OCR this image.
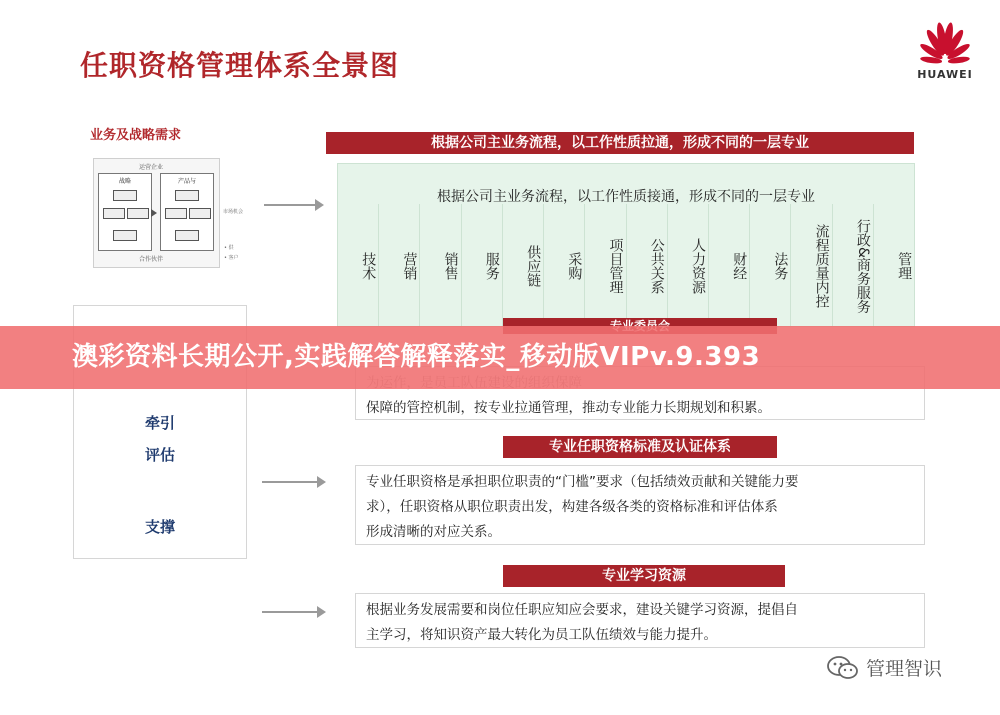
任职资格管理体系全景图	HUAWEI
业务及战略需求
运营企业
战略	产品与
合作伙伴
市场机会
• 供
• 客户
牵引
评估
支撑
根据公司主业务流程，以工作性质拉通，形成不同的一层专业
根据公司主业务流程，以工作性质接通，形成不同的一层专业
技术	营销	销售	服务	供应链	采购	项目管理	公共关系	人力资源	财经	法务	流程质量内控	行政&商务服务	管理
保障的管控机制，按专业拉通管理，推动专业能力长期规划和积累。
专业任职资格标准及认证体系
专业任职资格是承担职位职责的“门槛”要求（包括绩效贡献和关键能力要
求），任职资格从职位职责出发，构建各级各类的资格标准和评估体系
形成清晰的对应关系。
专业学习资源
根据业务发展需要和岗位任职应知应会要求，建设关键学习资源，提倡自
主学习，将知识资产最大转化为员工队伍绩效与能力提升。
澳彩资料长期公开,实践解答解释落实_移动版VIPv.9.393
管理智识
